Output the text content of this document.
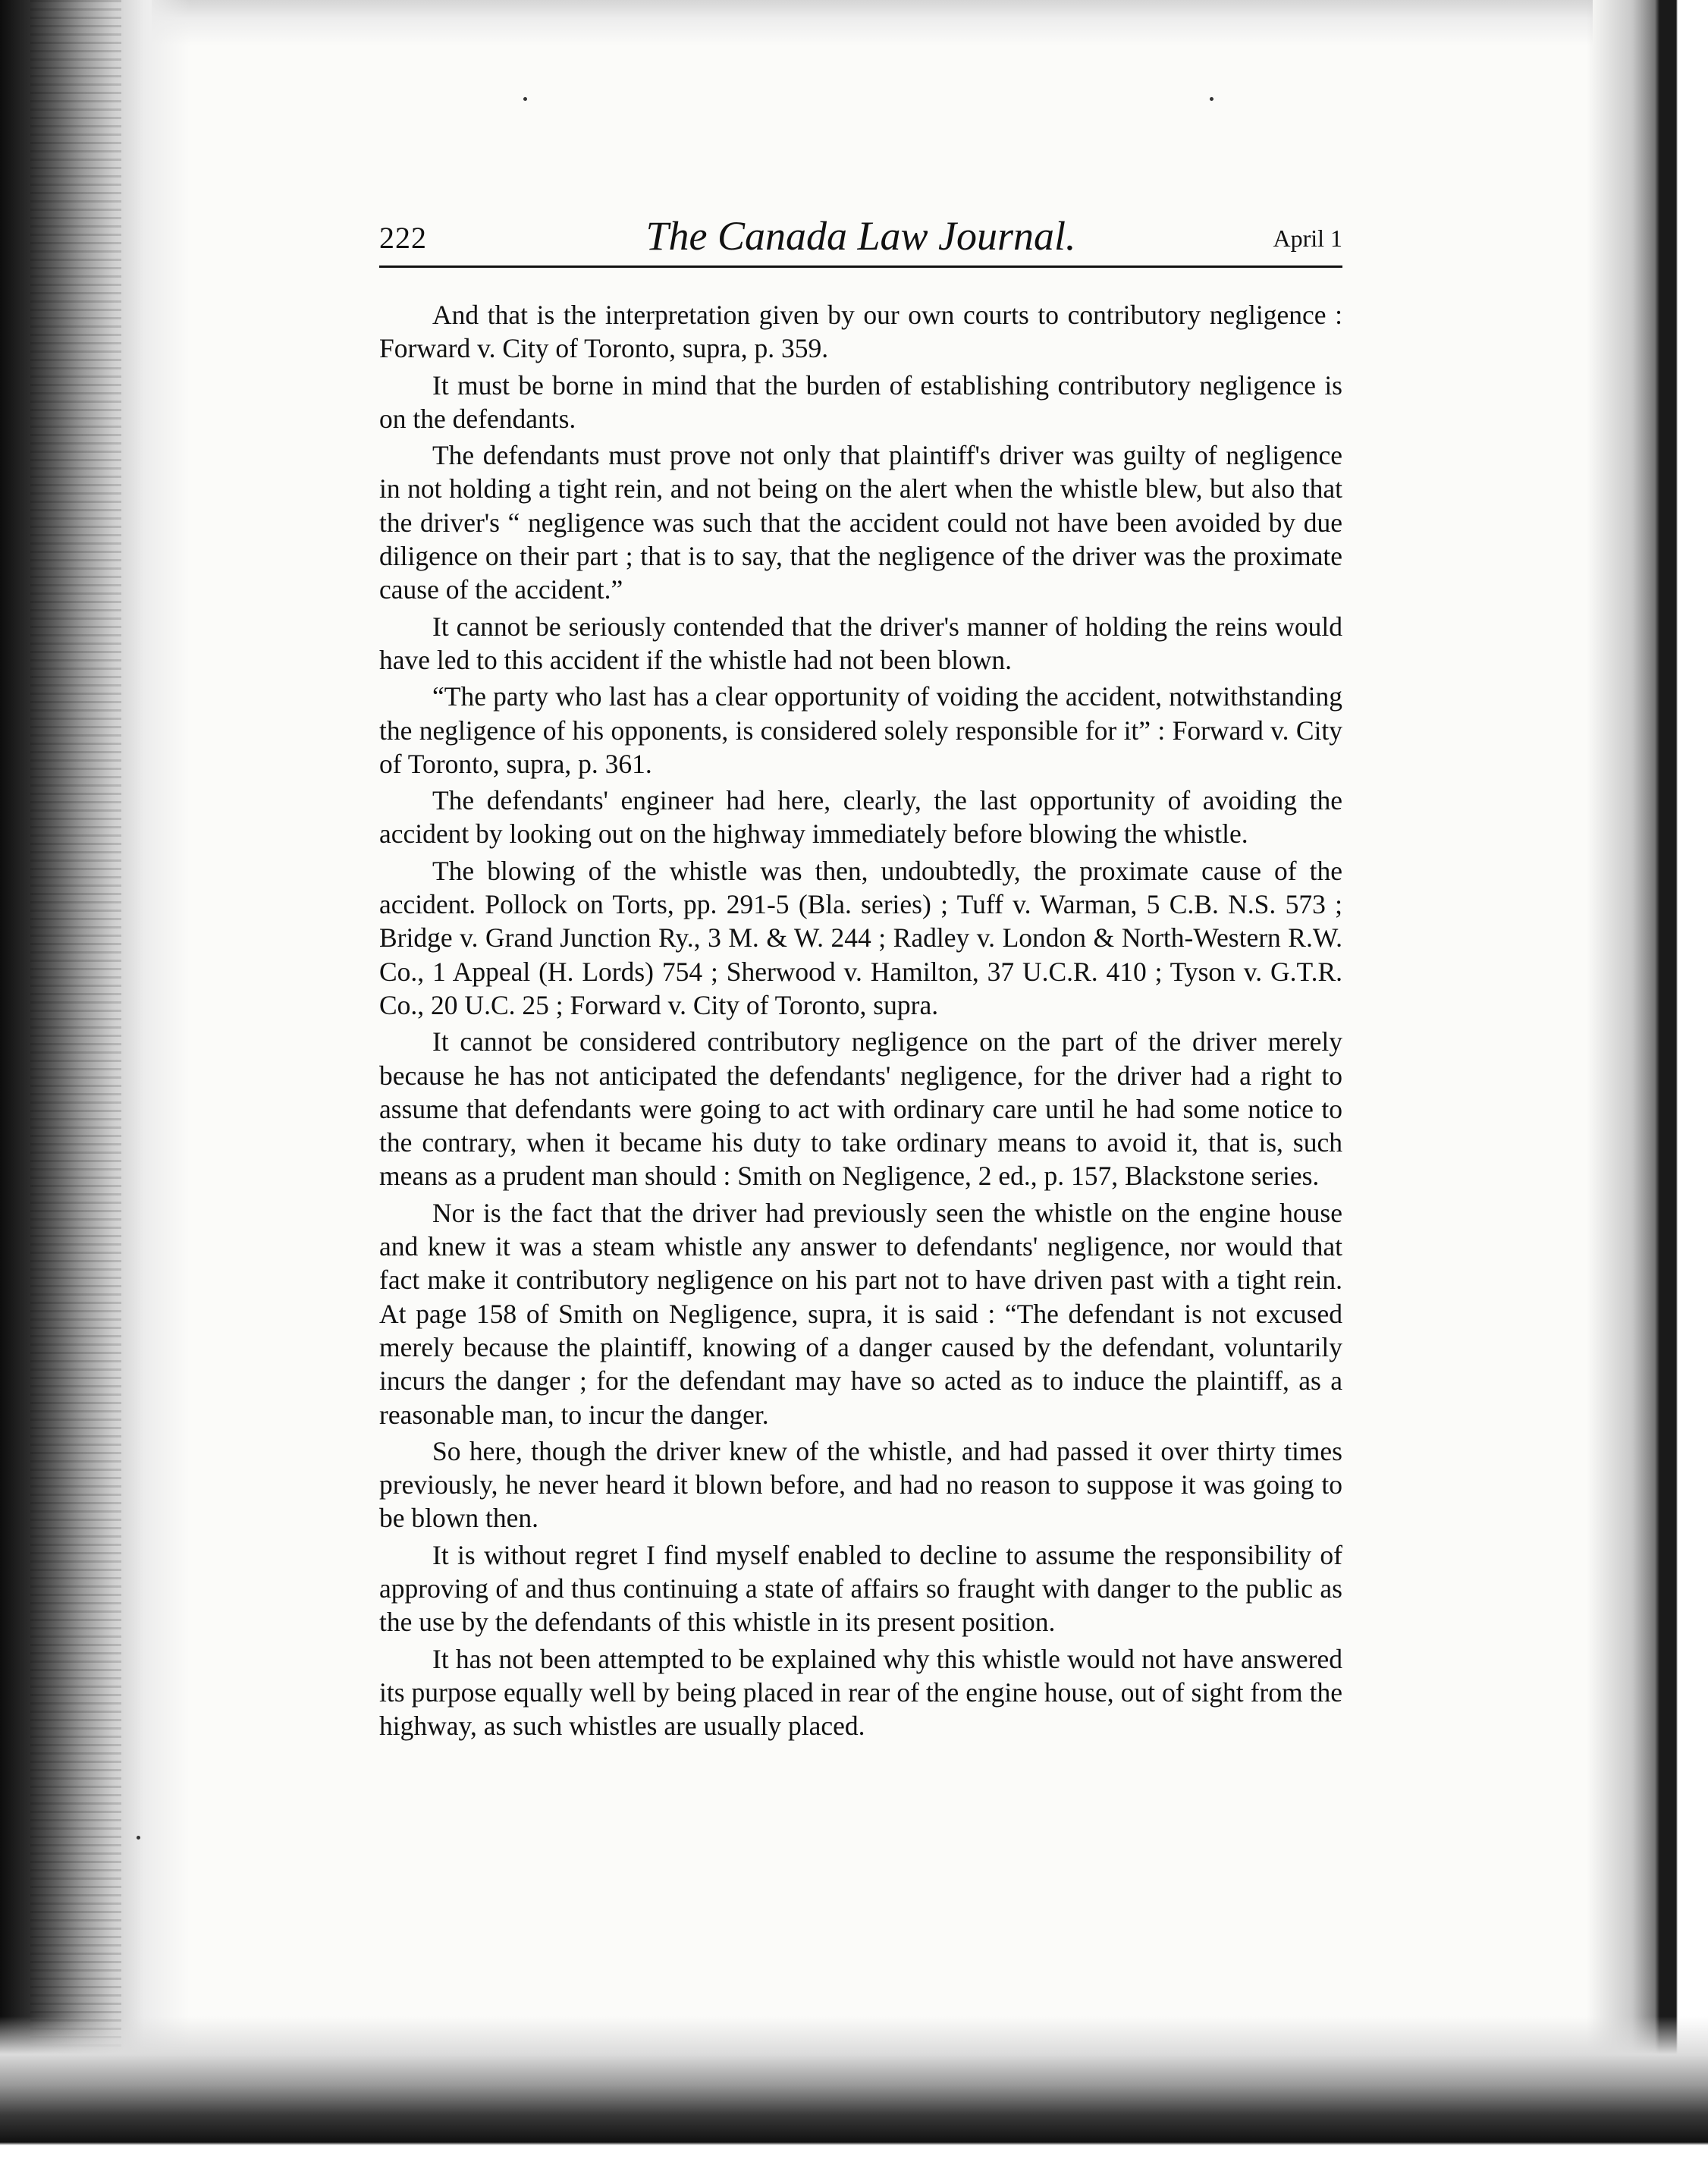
222	The Canada Law Journal.	April 1

And that is the interpretation given by our own courts to contributory negligence : Forward v. City of Toronto, supra, p. 359.

It must be borne in mind that the burden of establishing contributory negligence is on the defendants.

The defendants must prove not only that plaintiff's driver was guilty of negligence in not holding a tight rein, and not being on the alert when the whistle blew, but also that the driver's “ negligence was such that the accident could not have been avoided by due diligence on their part ; that is to say, that the negligence of the driver was the proximate cause of the accident.”

It cannot be seriously contended that the driver's manner of holding the reins would have led to this accident if the whistle had not been blown.

“The party who last has a clear opportunity of voiding the accident, notwithstanding the negligence of his opponents, is considered solely responsible for it” : Forward v. City of Toronto, supra, p. 361.

The defendants' engineer had here, clearly, the last opportunity of avoiding the accident by looking out on the highway immediately before blowing the whistle.

The blowing of the whistle was then, undoubtedly, the proximate cause of the accident. Pollock on Torts, pp. 291-5 (Bla. series) ; Tuff v. Warman, 5 C.B. N.S. 573 ; Bridge v. Grand Junction Ry., 3 M. & W. 244 ; Radley v. London & North-Western R.W. Co., 1 Appeal (H. Lords) 754 ; Sherwood v. Hamilton, 37 U.C.R. 410 ; Tyson v. G.T.R. Co., 20 U.C. 25 ; Forward v. City of Toronto, supra.

It cannot be considered contributory negligence on the part of the driver merely because he has not anticipated the defendants' negligence, for the driver had a right to assume that defendants were going to act with ordinary care until he had some notice to the contrary, when it became his duty to take ordinary means to avoid it, that is, such means as a prudent man should : Smith on Negligence, 2 ed., p. 157, Blackstone series.

Nor is the fact that the driver had previously seen the whistle on the engine house and knew it was a steam whistle any answer to defendants' negligence, nor would that fact make it contributory negligence on his part not to have driven past with a tight rein. At page 158 of Smith on Negligence, supra, it is said : “The defendant is not excused merely because the plaintiff, knowing of a danger caused by the defendant, voluntarily incurs the danger ; for the defendant may have so acted as to induce the plaintiff, as a reasonable man, to incur the danger.

So here, though the driver knew of the whistle, and had passed it over thirty times previously, he never heard it blown before, and had no reason to suppose it was going to be blown then.

It is without regret I find myself enabled to decline to assume the responsibility of approving of and thus continuing a state of affairs so fraught with danger to the public as the use by the defendants of this whistle in its present position.

It has not been attempted to be explained why this whistle would not have answered its purpose equally well by being placed in rear of the engine house, out of sight from the highway, as such whistles are usually placed.
